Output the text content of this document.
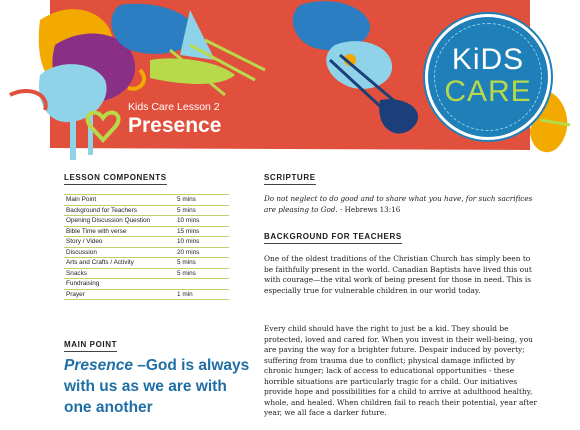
Kids Care Lesson 2

Presence
KiDS
CARE
LESSON COMPONENTS
Main Point	5 mins
Background for Teachers	5 mins
Opening Discussion Question	10 mins
Bible Time with verse	15 mins
Story / Video	10 mins
Discussion	20 mins
Arts and Crafts / Activity	5 mins
Snacks	5 mins
Fundraising	
Prayer	1 min
MAIN POINT

Presence –God is always with us as we are with one another

SCRIPTURE

Do not neglect to do good and to share what you have, for such sacrifices are pleasing to God. - Hebrews 13:16

BACKGROUND FOR TEACHERS

One of the oldest traditions of the Christian Church has simply been to be faithfully present in the world. Canadian Baptists have lived this out with courage—the vital work of being present for those in need. This is especially true for vulnerable children in our world today.

Every child should have the right to just be a kid. They should be protected, loved and cared for. When you invest in their well-being, you are paving the way for a brighter future. Despair induced by poverty; suffering from trauma due to conflict; physical damage inflicted by chronic hunger; lack of access to educational opportunities - these horrible situations are particularly tragic for a child. Our initiatives provide hope and possibilities for a child to arrive at adulthood healthy, whole, and healed. When children fail to reach their potential, year after year, we all face a darker future.
